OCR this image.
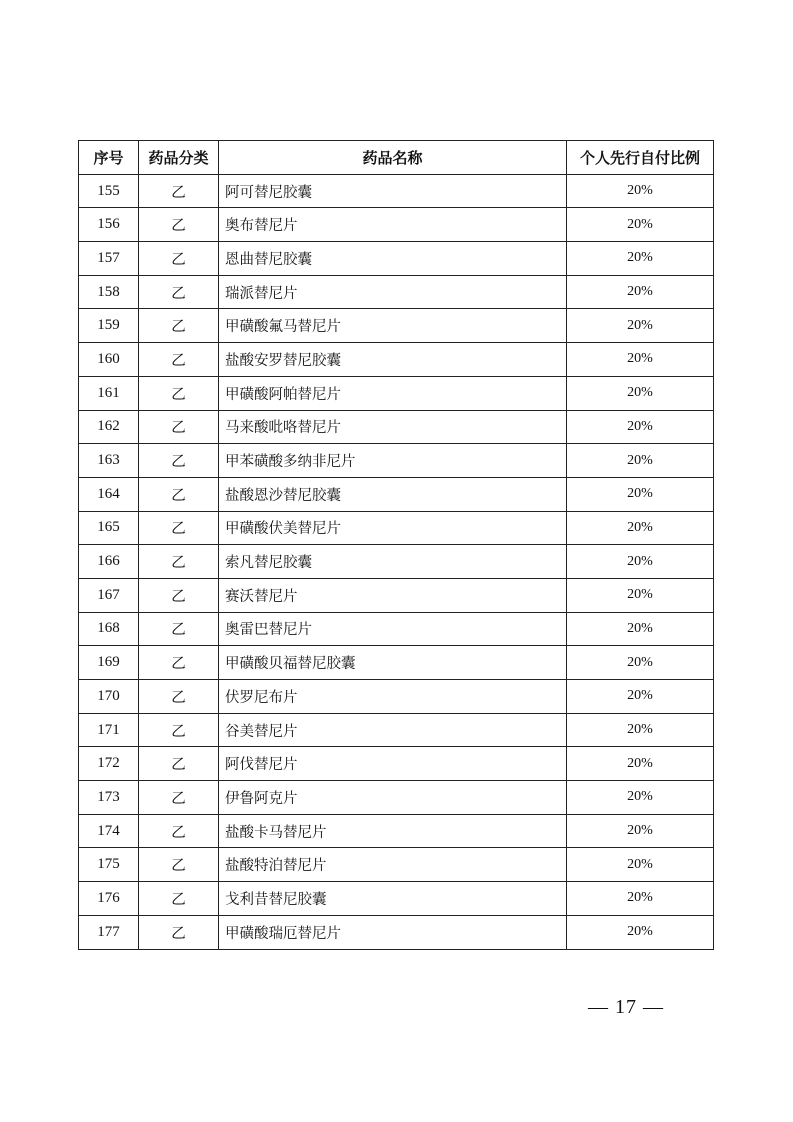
序号	药品分类	药品名称	个人先行自付比例
155	乙	阿可替尼胶囊	20%
156	乙	奥布替尼片	20%
157	乙	恩曲替尼胶囊	20%
158	乙	瑞派替尼片	20%
159	乙	甲磺酸氟马替尼片	20%
160	乙	盐酸安罗替尼胶囊	20%
161	乙	甲磺酸阿帕替尼片	20%
162	乙	马来酸吡咯替尼片	20%
163	乙	甲苯磺酸多纳非尼片	20%
164	乙	盐酸恩沙替尼胶囊	20%
165	乙	甲磺酸伏美替尼片	20%
166	乙	索凡替尼胶囊	20%
167	乙	赛沃替尼片	20%
168	乙	奥雷巴替尼片	20%
169	乙	甲磺酸贝福替尼胶囊	20%
170	乙	伏罗尼布片	20%
171	乙	谷美替尼片	20%
172	乙	阿伐替尼片	20%
173	乙	伊鲁阿克片	20%
174	乙	盐酸卡马替尼片	20%
175	乙	盐酸特泊替尼片	20%
176	乙	戈利昔替尼胶囊	20%
177	乙	甲磺酸瑞厄替尼片	20%
— 17 —
